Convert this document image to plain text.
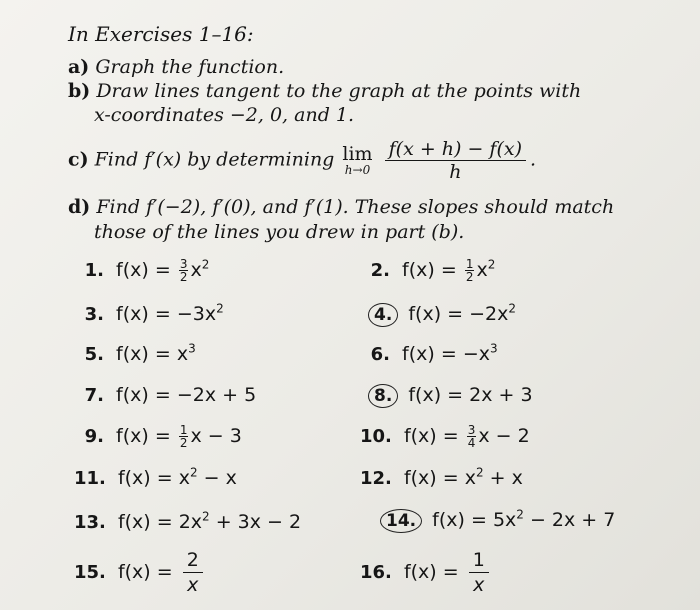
In Exercises 1–16:
a) Graph the function.
b) Draw lines tangent to the graph at the points with
x-coordinates −2, 0, and 1.
c) Find f′(x) by determining lim
h→0
$\frac{f(x + h) - f(x)}{h}$ .
d) Find f′(−2), f′(0), and f′(1). These slopes should match
those of the lines you drew in part (b).
1. $f(x) = \frac{3}{2} x^2$
3. $f(x) = -3x^2$
5. $f(x) = x^3$
7. f(x) = −2x + 5
9. $f(x) = \frac{1}{2}$ x − 3
11. $f(x) = x^2 - x$
13. $f(x) = 2x^2 + 3x - 2$
15. $f(x) = \frac{2}{x}$
2. $f(x) = \frac{1}{2} x^2$
4. $f(x) = -2x^2$
6. $f(x) = -x^3$
8. f(x) = 2x + 3
10. $f(x) = \frac{3}{4}$ x − 2
12. $f(x) = x^2 + x$
14. $f(x) = 5x^2 - 2x + 7$
16. $f(x) = \frac{1}{x}$
